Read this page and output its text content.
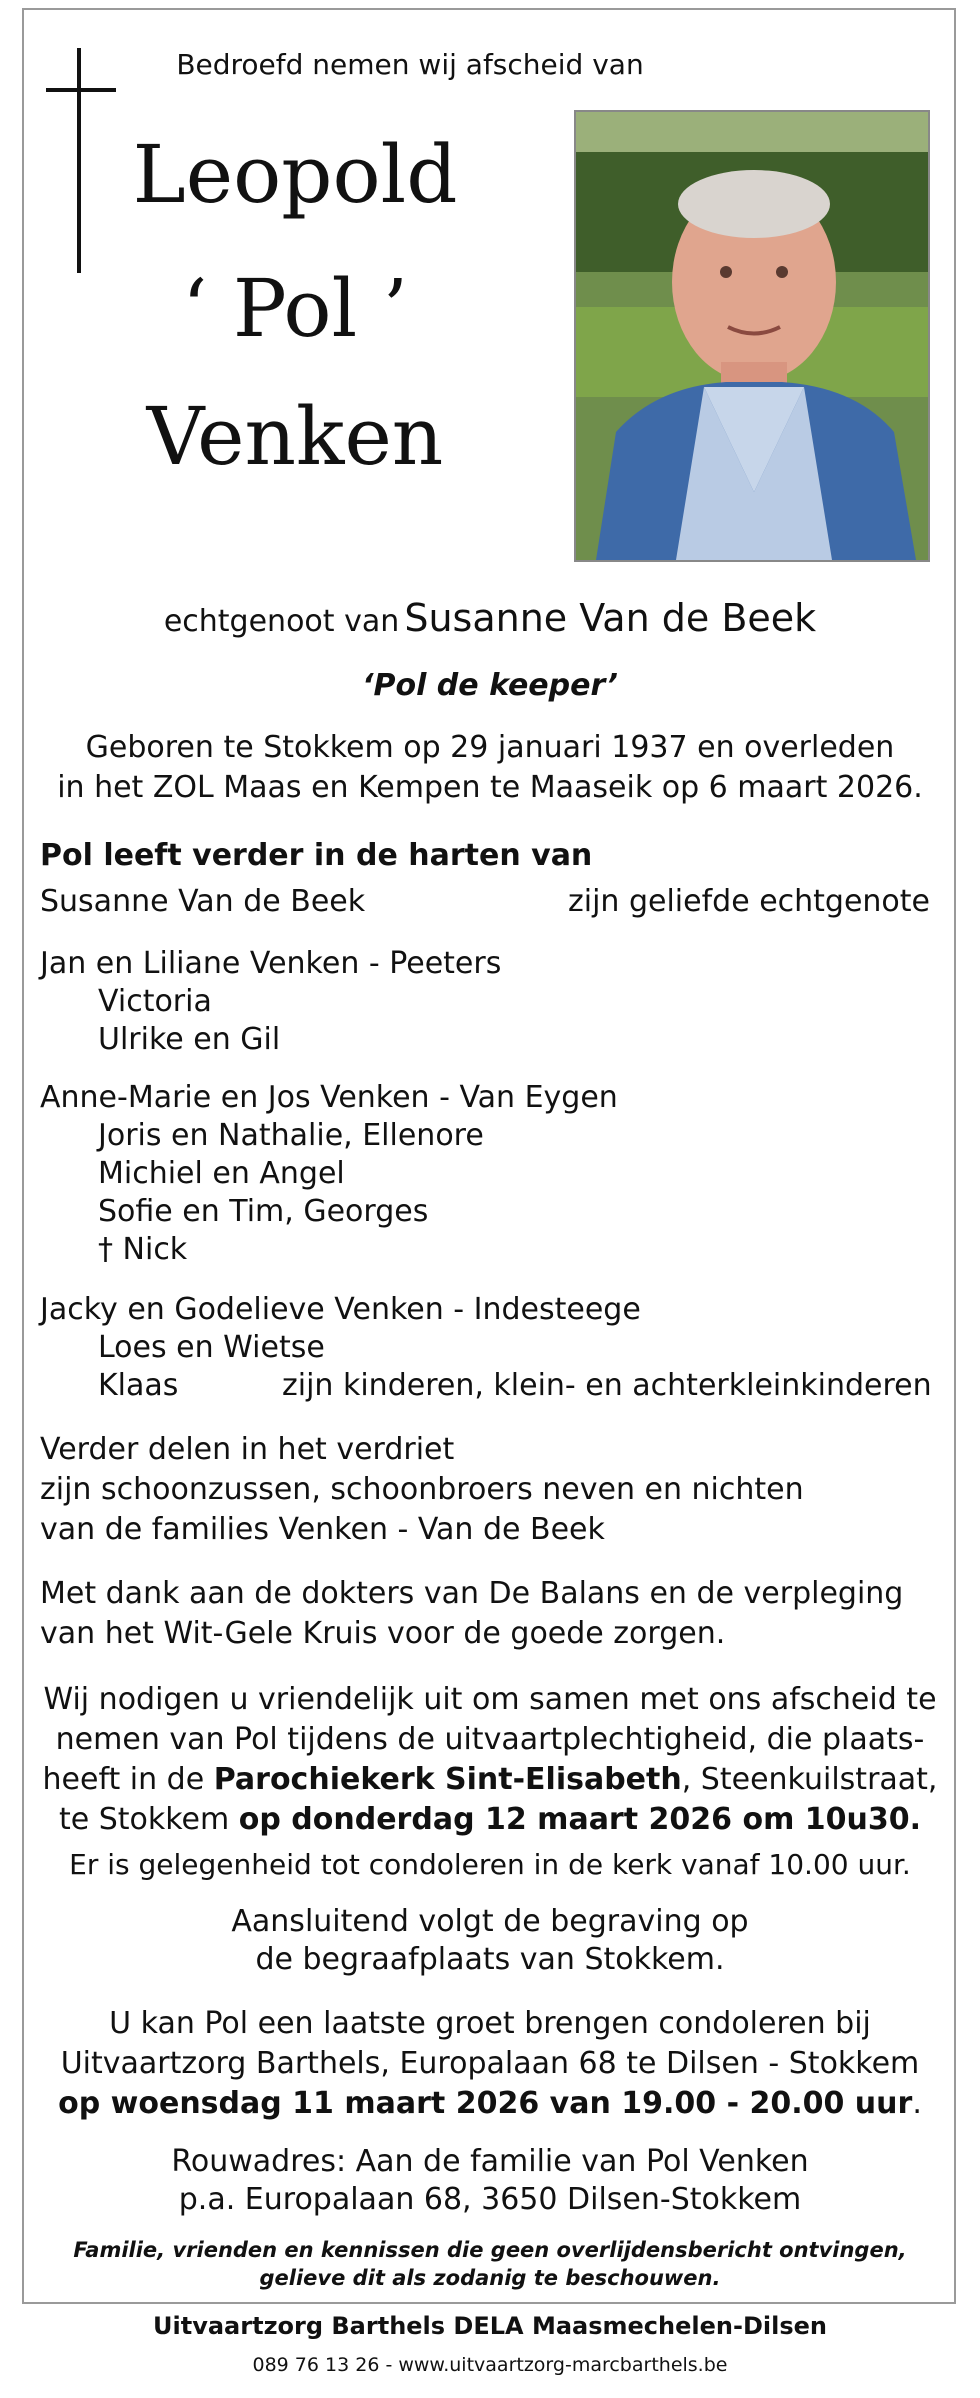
Bedroefd nemen wij afscheid van
Leopold
‘ Pol ’
Venken
echtgenoot van Susanne Van de Beek
‘Pol de keeper’
Geboren te Stokkem op 29 januari 1937 en overleden
in het ZOL Maas en Kempen te Maaseik op 6 maart 2026.
Pol leeft verder in de harten van
Susanne Van de Beek	zijn geliefde echtgenote
Jan en Liliane Venken - Peeters
Victoria
Ulrike en Gil
Anne-Marie en Jos Venken - Van Eygen
Joris en Nathalie, Ellenore
Michiel en Angel
Sofie en Tim, Georges
† Nick
Jacky en Godelieve Venken - Indesteege
Loes en Wietse
Klaas	zijn kinderen, klein- en achterkleinkinderen
Verder delen in het verdriet
zijn schoonzussen, schoonbroers neven en nichten
van de families Venken - Van de Beek
Met dank aan de dokters van De Balans en de verpleging
van het Wit-Gele Kruis voor de goede zorgen.
Wij nodigen u vriendelijk uit om samen met ons afscheid te
nemen van Pol tijdens de uitvaartplechtigheid, die plaats-
heeft in de Parochiekerk Sint-Elisabeth, Steenkuilstraat,
te Stokkem op donderdag 12 maart 2026 om 10u30.
Er is gelegenheid tot condoleren in de kerk vanaf 10.00 uur.
Aansluitend volgt de begraving op
de begraafplaats van Stokkem.
U kan Pol een laatste groet brengen condoleren bij
Uitvaartzorg Barthels, Europalaan 68 te Dilsen - Stokkem
op woensdag 11 maart 2026 van 19.00 - 20.00 uur.
Rouwadres: Aan de familie van Pol Venken
p.a. Europalaan 68, 3650 Dilsen-Stokkem
Familie, vrienden en kennissen die geen overlijdensbericht ontvingen,
gelieve dit als zodanig te beschouwen.
Uitvaartzorg Barthels DELA Maasmechelen-Dilsen
089 76 13 26 - www.uitvaartzorg-marcbarthels.be
